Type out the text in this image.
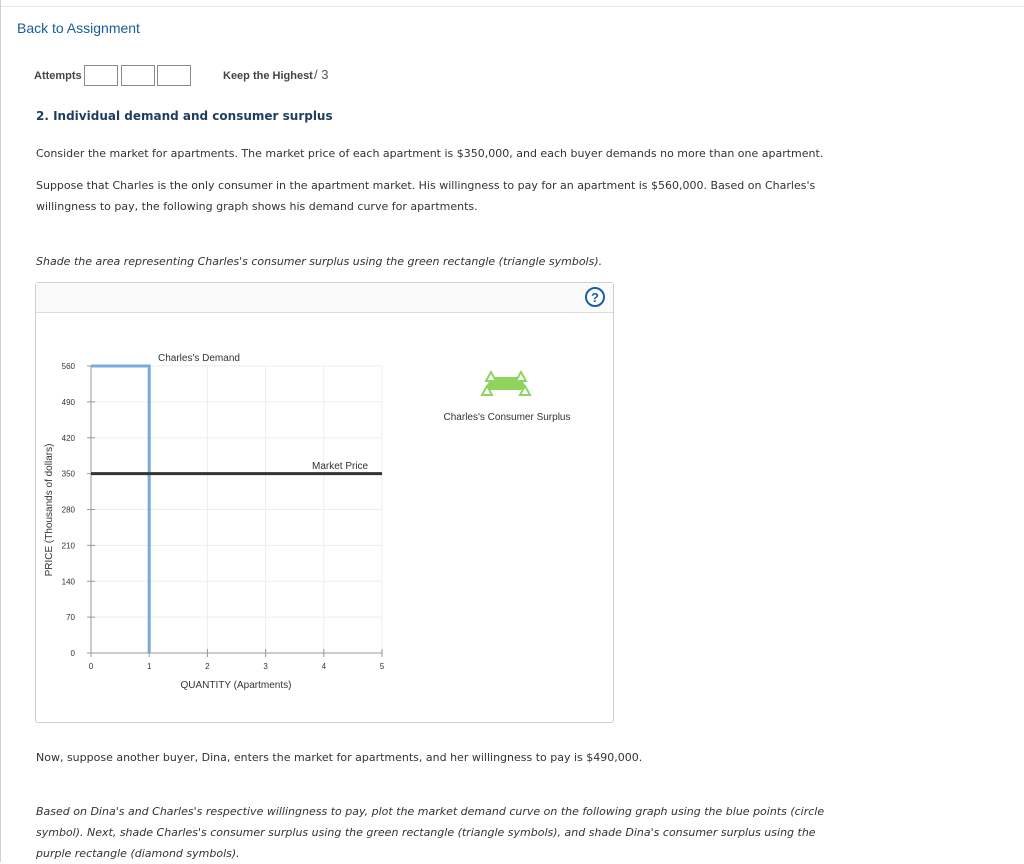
Back to Assignment
Attempts	Keep the Highest / 3
2. Individual demand and consumer surplus
Consider the market for apartments. The market price of each apartment is $350,000, and each buyer demands no more than one apartment.
Suppose that Charles is the only consumer in the apartment market. His willingness to pay for an apartment is $560,000. Based on Charles's willingness to pay, the following graph shows his demand curve for apartments.
Shade the area representing Charles's consumer surplus using the green rectangle (triangle symbols).
?
0
70
140
210
280
350
420
490
560
0	1	2	3	4	5
PRICE (Thousands of dollars)
QUANTITY (Apartments)
Charles's Demand
Market Price
Charles's Consumer Surplus
Now, suppose another buyer, Dina, enters the market for apartments, and her willingness to pay is $490,000.
Based on Dina's and Charles's respective willingness to pay, plot the market demand curve on the following graph using the blue points (circle symbol). Next, shade Charles's consumer surplus using the green rectangle (triangle symbols), and shade Dina's consumer surplus using the purple rectangle (diamond symbols).
